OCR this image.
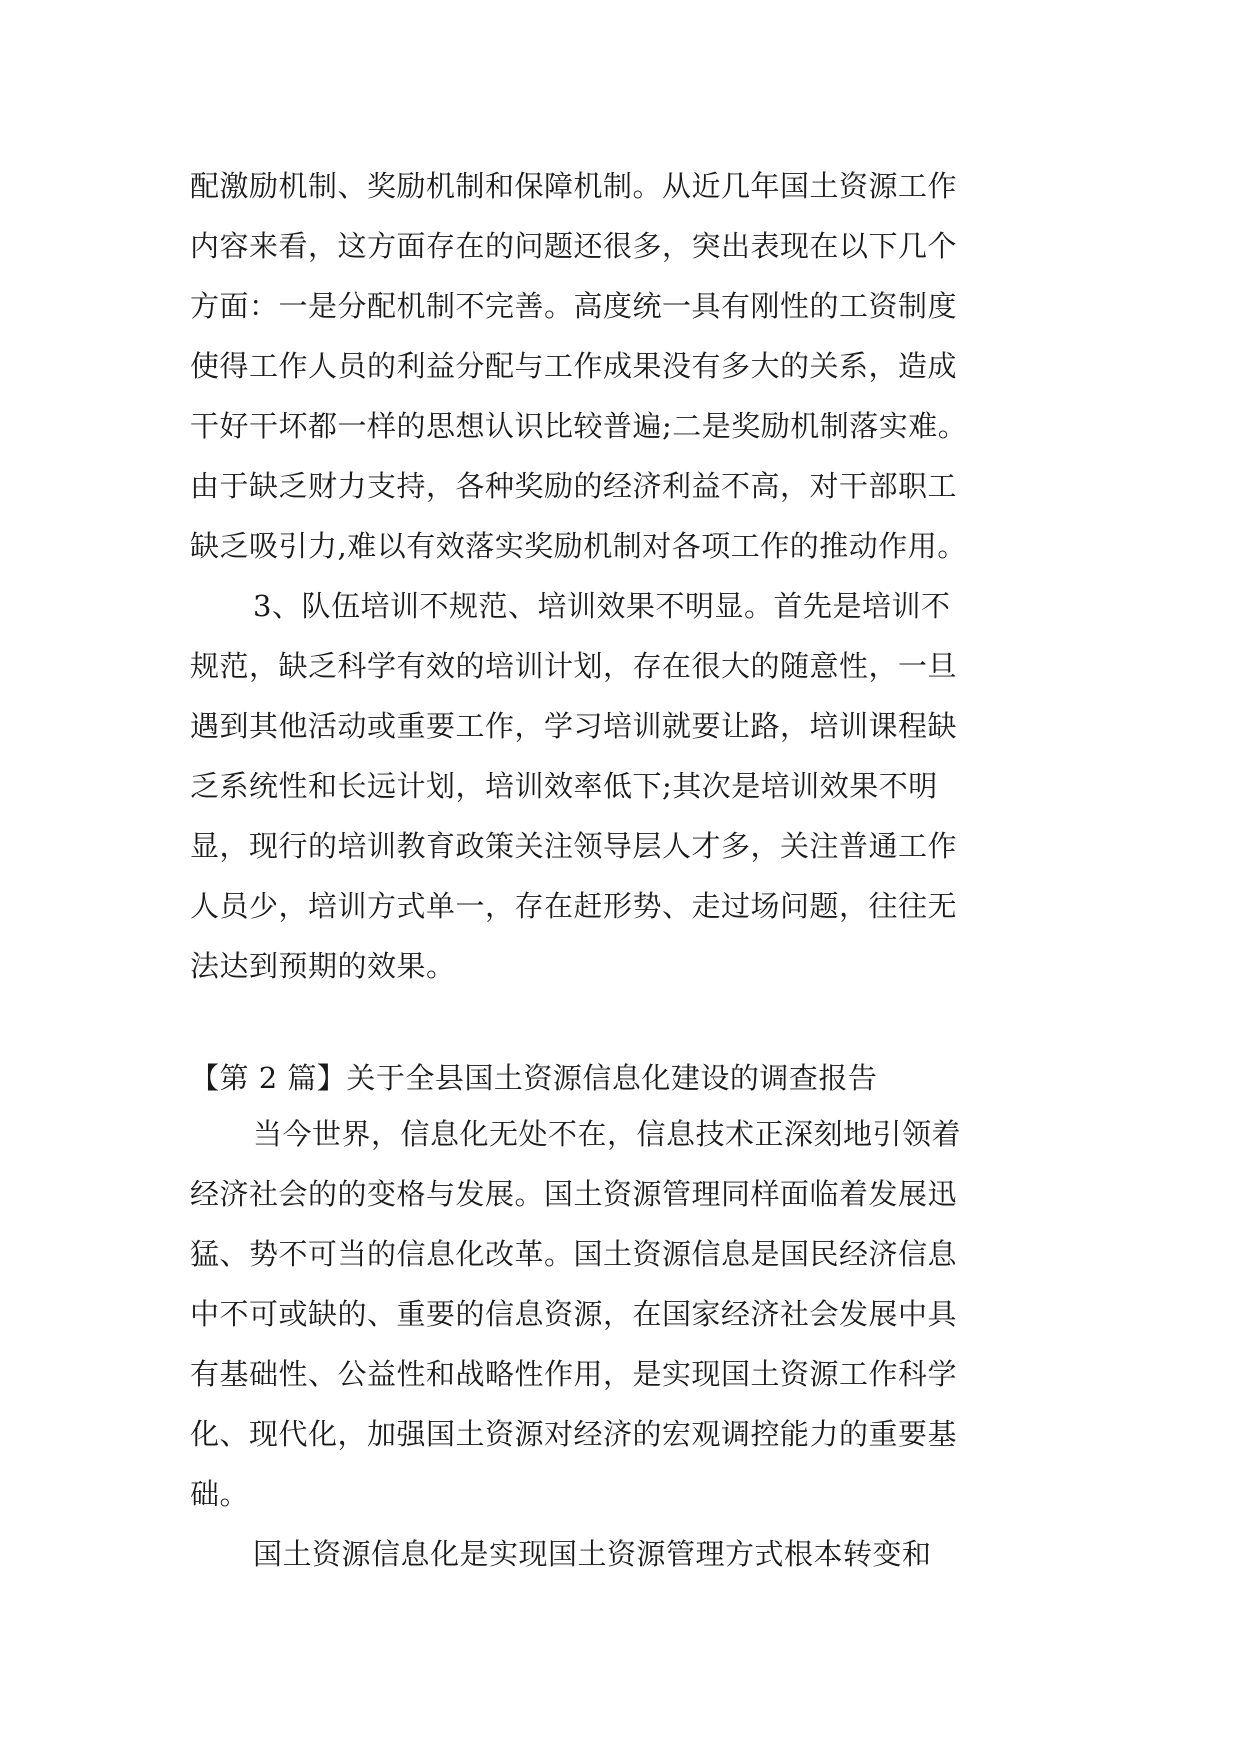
配激励机制、奖励机制和保障机制。从近几年国土资源工作
内容来看，这方面存在的问题还很多，突出表现在以下几个
方面：一是分配机制不完善。高度统一具有刚性的工资制度
使得工作人员的利益分配与工作成果没有多大的关系，造成
干好干坏都一样的思想认识比较普遍;二是奖励机制落实难。
由于缺乏财力支持，各种奖励的经济利益不高，对干部职工
缺乏吸引力,难以有效落实奖励机制对各项工作的推动作用。
3、队伍培训不规范、培训效果不明显。首先是培训不
规范，缺乏科学有效的培训计划，存在很大的随意性，一旦
遇到其他活动或重要工作，学习培训就要让路，培训课程缺
乏系统性和长远计划，培训效率低下;其次是培训效果不明
显，现行的培训教育政策关注领导层人才多，关注普通工作
人员少，培训方式单一，存在赶形势、走过场问题，往往无
法达到预期的效果。
【第 2 篇】关于全县国土资源信息化建设的调查报告
当今世界，信息化无处不在，信息技术正深刻地引领着
经济社会的的变格与发展。国土资源管理同样面临着发展迅
猛、势不可当的信息化改革。国土资源信息是国民经济信息
中不可或缺的、重要的信息资源，在国家经济社会发展中具
有基础性、公益性和战略性作用，是实现国土资源工作科学
化、现代化，加强国土资源对经济的宏观调控能力的重要基
础。
国土资源信息化是实现国土资源管理方式根本转变和
